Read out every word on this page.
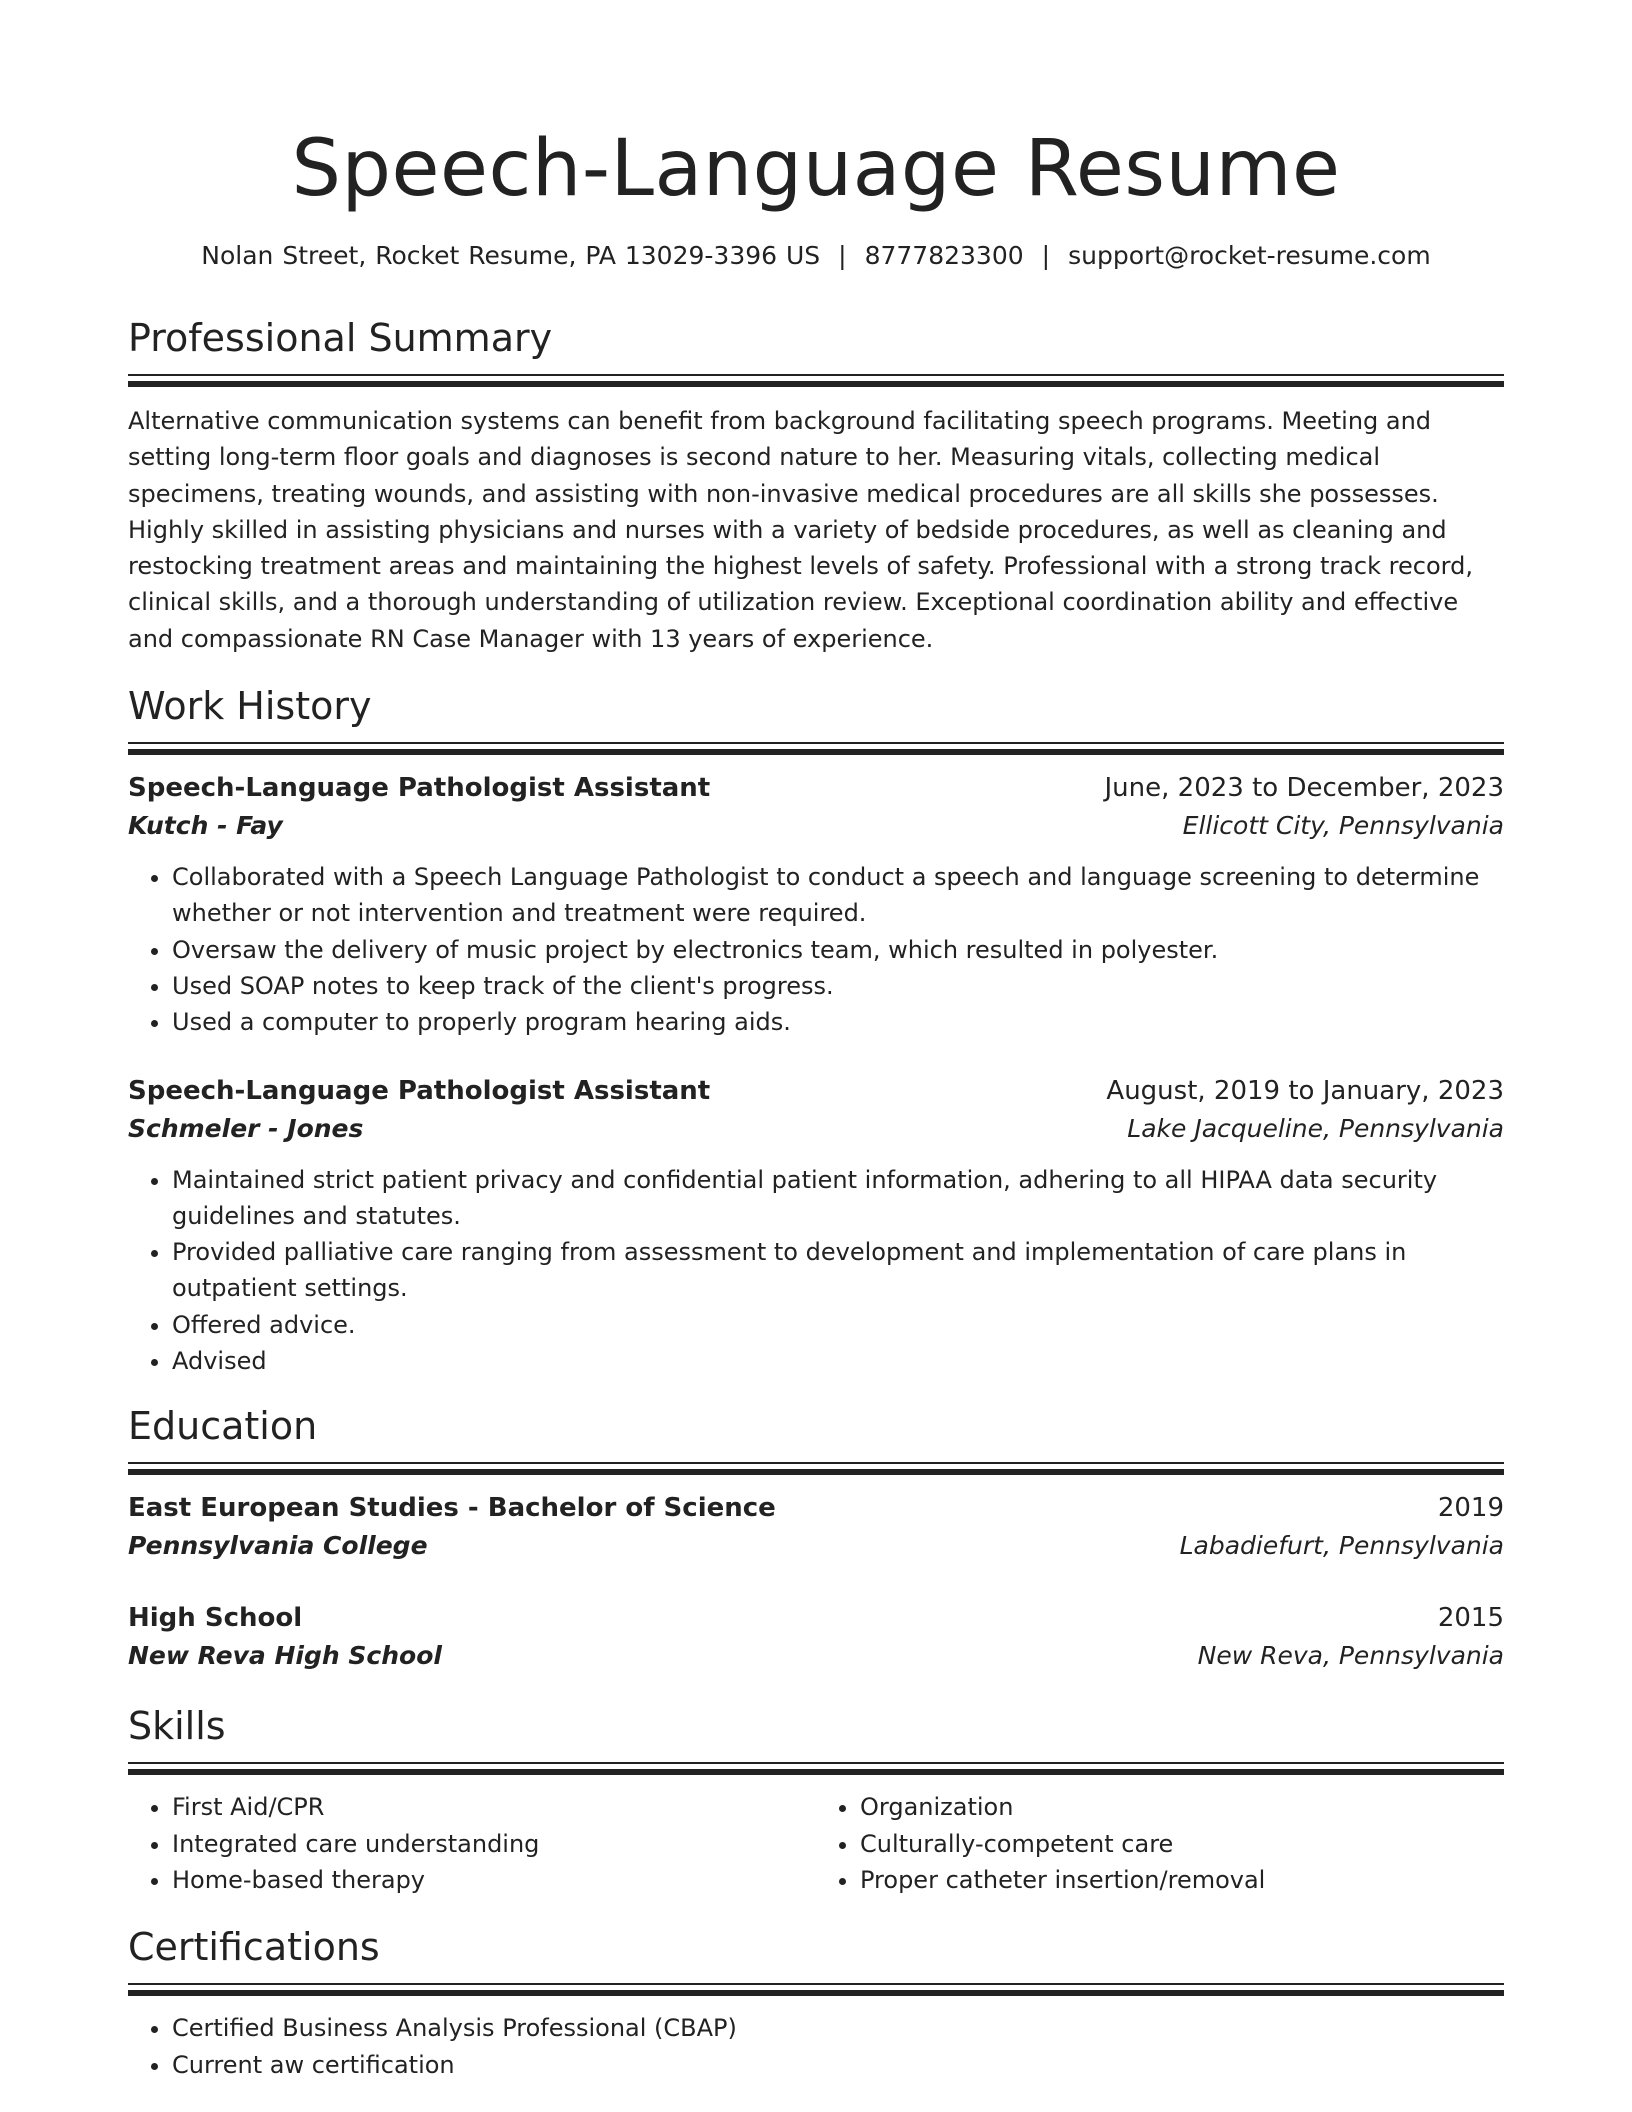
Speech-Language Resume
Nolan Street, Rocket Resume, PA 13029-3396 US | 8777823300 | support@rocket-resume.com
Professional Summary

Alternative communication systems can benefit from background facilitating speech programs. Meeting and setting long-term floor goals and diagnoses is second nature to her. Measuring vitals, collecting medical specimens, treating wounds, and assisting with non-invasive medical procedures are all skills she possesses. Highly skilled in assisting physicians and nurses with a variety of bedside procedures, as well as cleaning and restocking treatment areas and maintaining the highest levels of safety. Professional with a strong track record, clinical skills, and a thorough understanding of utilization review. Exceptional coordination ability and effective and compassionate RN Case Manager with 13 years of experience.

Work History
Speech-Language Pathologist Assistant	June, 2023 to December, 2023
Kutch - Fay	Ellicott City, Pennsylvania
• Collaborated with a Speech Language Pathologist to conduct a speech and language screening to determine whether or not intervention and treatment were required.
• Oversaw the delivery of music project by electronics team, which resulted in polyester.
• Used SOAP notes to keep track of the client's progress.
• Used a computer to properly program hearing aids.
Speech-Language Pathologist Assistant	August, 2019 to January, 2023
Schmeler - Jones	Lake Jacqueline, Pennsylvania
• Maintained strict patient privacy and confidential patient information, adhering to all HIPAA data security guidelines and statutes.
• Provided palliative care ranging from assessment to development and implementation of care plans in outpatient settings.
• Offered advice.
• Advised
Education
East European Studies - Bachelor of Science	2019
Pennsylvania College	Labadiefurt, Pennsylvania
High School	2015
New Reva High School	New Reva, Pennsylvania
Skills
• First Aid/CPR
• Integrated care understanding
• Home-based therapy
• Organization
• Culturally-competent care
• Proper catheter insertion/removal
Certifications
• Certified Business Analysis Professional (CBAP)
• Current aw certification
